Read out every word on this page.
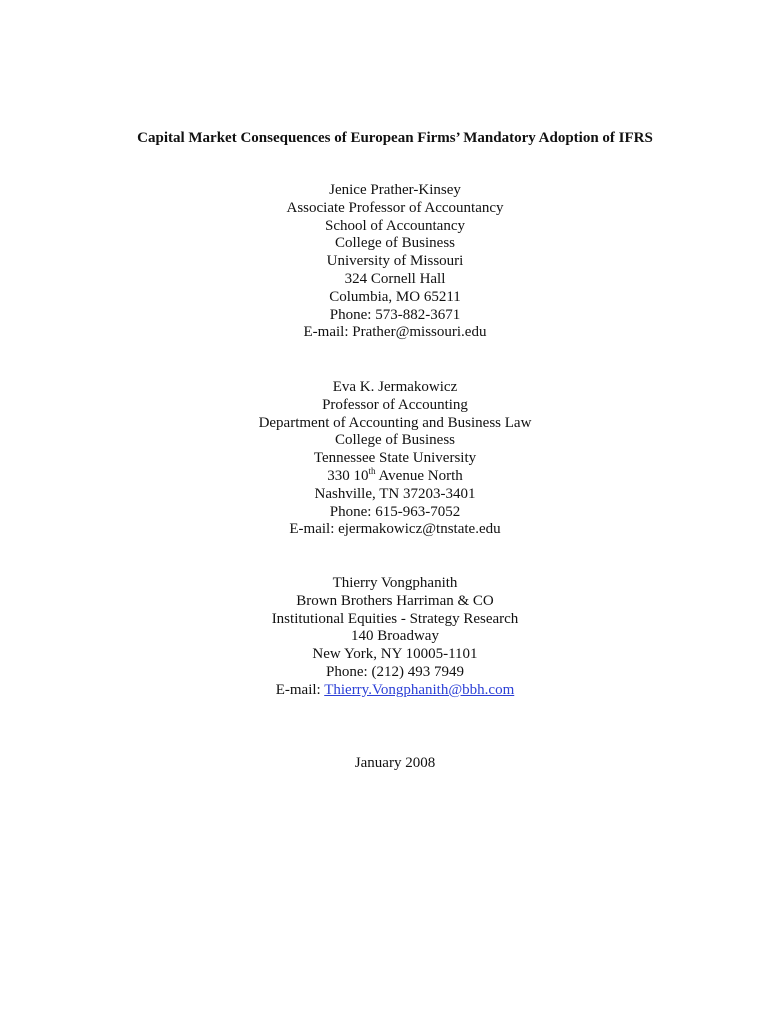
Capital Market Consequences of European Firms’ Mandatory Adoption of IFRS
Jenice Prather-Kinsey
Associate Professor of Accountancy
School of Accountancy
College of Business
University of Missouri
324 Cornell Hall
Columbia, MO 65211
Phone: 573-882-3671
E-mail: Prather@missouri.edu
Eva K. Jermakowicz
Professor of Accounting
Department of Accounting and Business Law
College of Business
Tennessee State University
330 10th Avenue North
Nashville, TN 37203-3401
Phone: 615-963-7052
E-mail: ejermakowicz@tnstate.edu
Thierry Vongphanith
Brown Brothers Harriman & CO
Institutional Equities - Strategy Research
140 Broadway
New York, NY 10005-1101
Phone: (212) 493 7949
E-mail: Thierry.Vongphanith@bbh.com
January 2008
